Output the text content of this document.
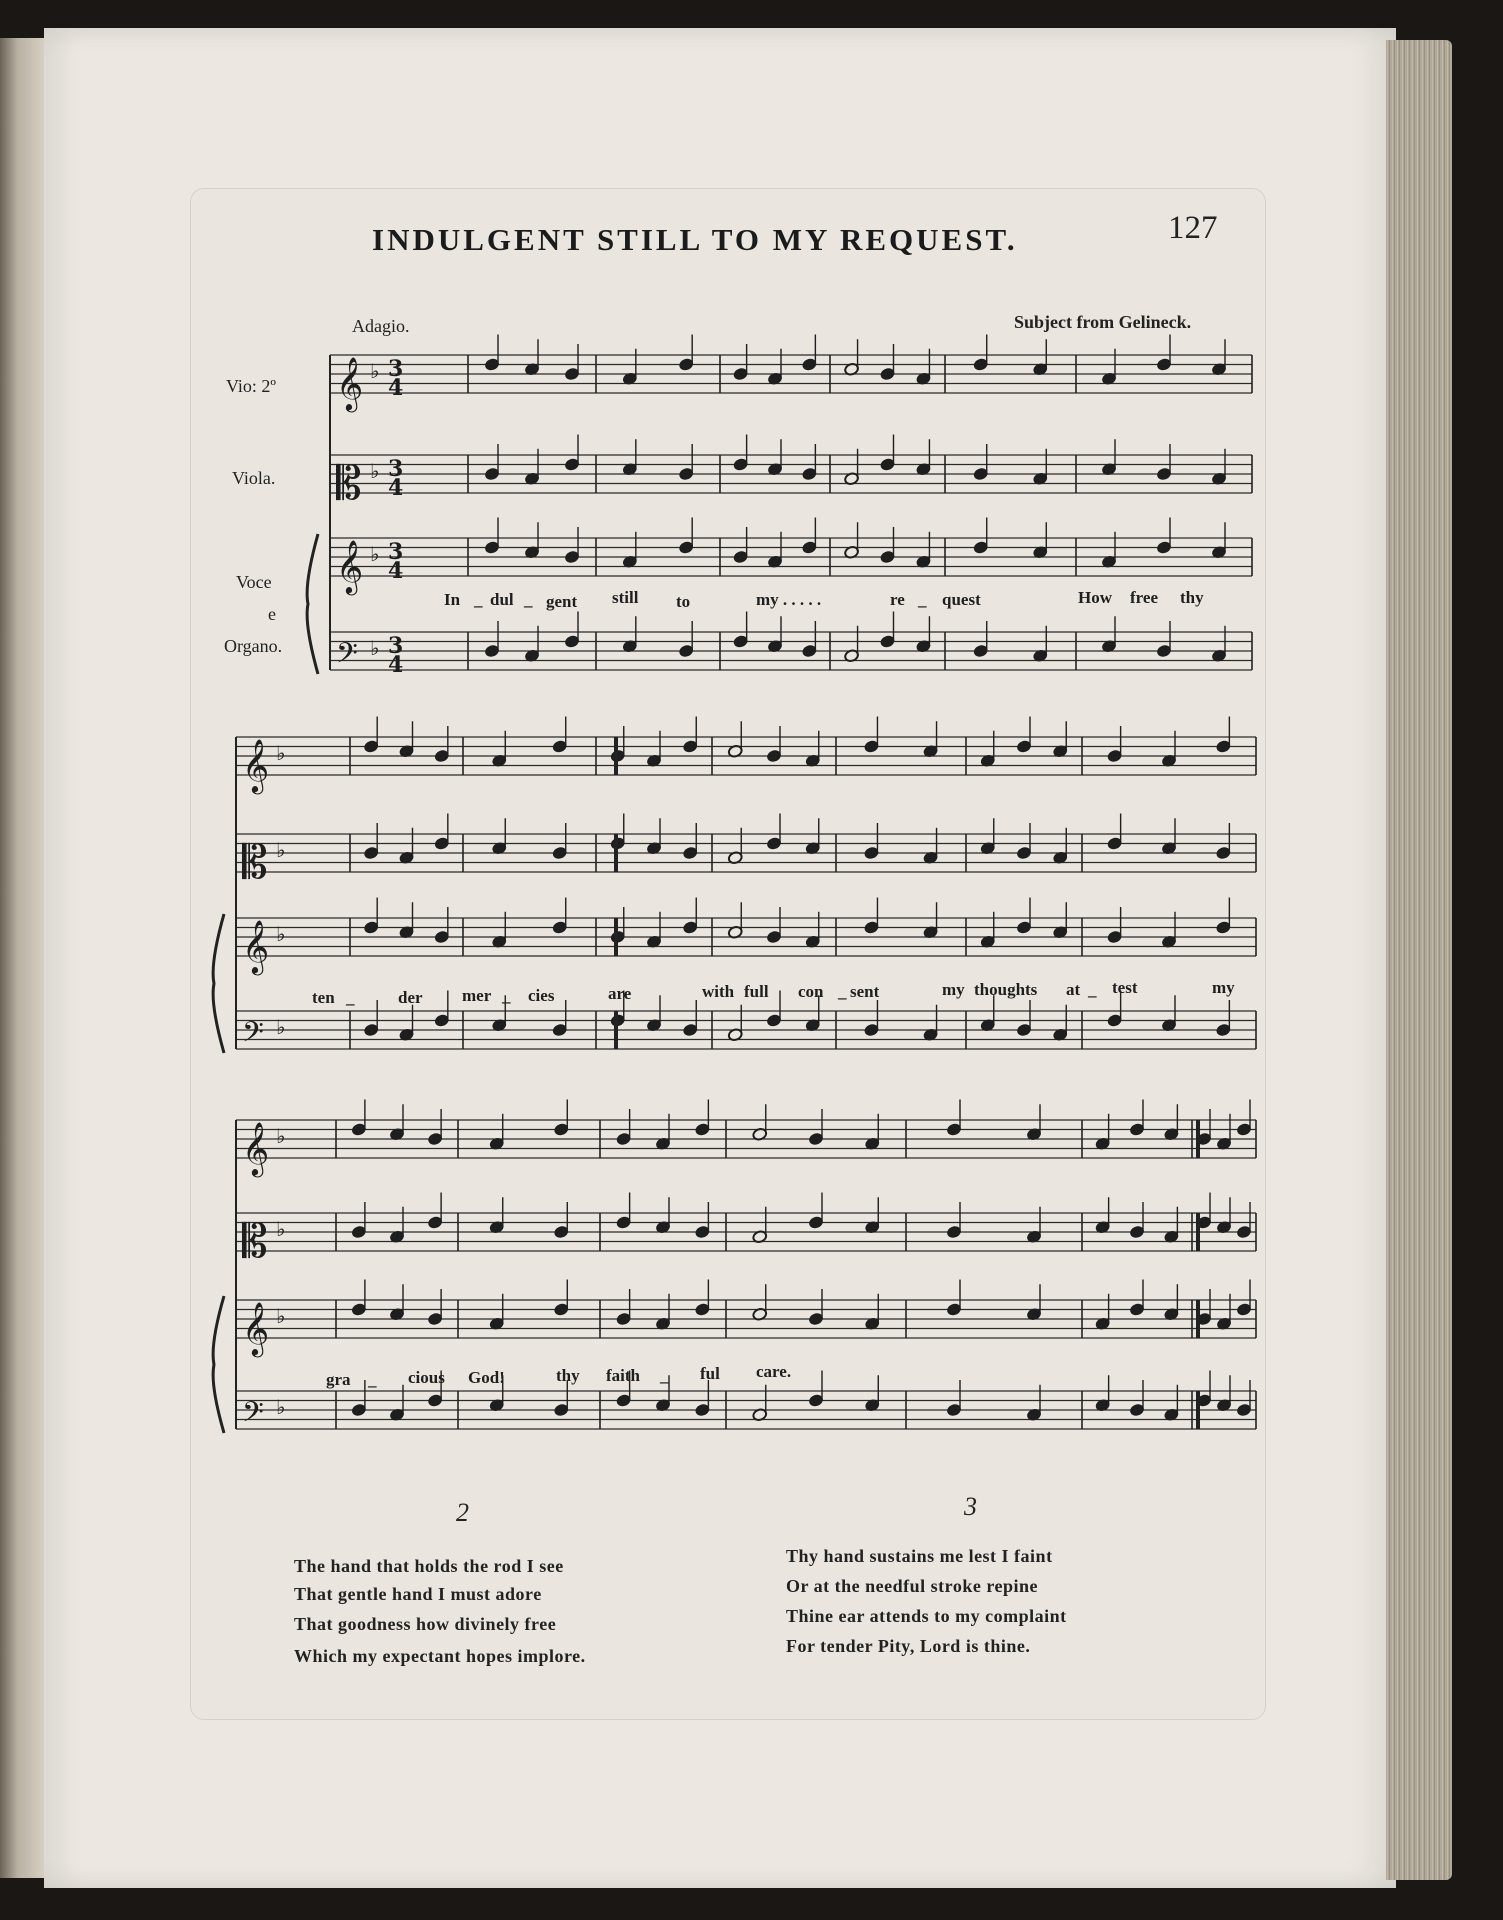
INDULGENT STILL TO MY REQUEST.	127
Adagio.	Subject from Gelineck.
Vio: 2º
Viola.
Voce
e
Organo.
𝄞 ♭
𝄡 ♭
𝄞 ♭
𝄢 ♭
𝄞 ♭
𝄡 ♭
𝄞 ♭
𝄢 ♭
𝄞 ♭
𝄡 ♭
𝄞 ♭
𝄢 ♭
3
4
3
4
3
4
3
4
In _ dul _ gent still to	my . . . . .	re _ quest	How free thy
ten _	der mer _ cies	are	with full con _ sent	my thoughts at _ test	my
gra _ cious God!	thy faith _ ful care.
2	3
The hand that holds the rod I see
That gentle hand I must adore
That goodness how divinely free
Which my expectant hopes implore.
Thy hand sustains me lest I faint
Or at the needful stroke repine
Thine ear attends to my complaint
For tender Pity, Lord is thine.
